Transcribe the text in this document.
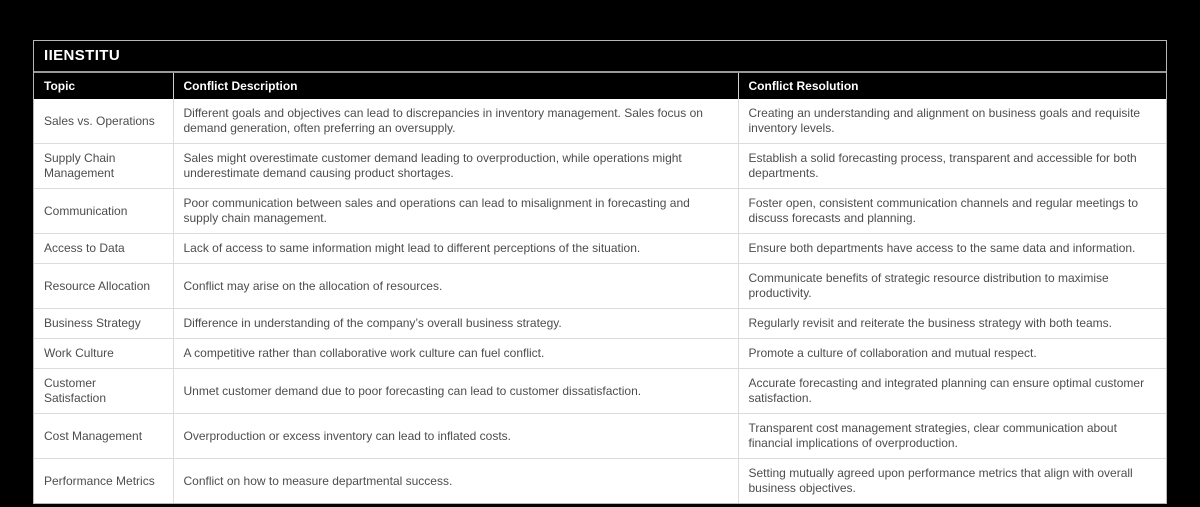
IIENSTITU
Topic	Conflict Description	Conflict Resolution
Sales vs. Operations	Different goals and objectives can lead to discrepancies in inventory management. Sales focus on demand generation, often preferring an oversupply.	Creating an understanding and alignment on business goals and requisite inventory levels.
Supply Chain Management	Sales might overestimate customer demand leading to overproduction, while operations might underestimate demand causing product shortages.	Establish a solid forecasting process, transparent and accessible for both departments.
Communication	Poor communication between sales and operations can lead to misalignment in forecasting and supply chain management.	Foster open, consistent communication channels and regular meetings to discuss forecasts and planning.
Access to Data	Lack of access to same information might lead to different perceptions of the situation.	Ensure both departments have access to the same data and information.
Resource Allocation	Conflict may arise on the allocation of resources.	Communicate benefits of strategic resource distribution to maximise productivity.
Business Strategy	Difference in understanding of the company’s overall business strategy.	Regularly revisit and reiterate the business strategy with both teams.
Work Culture	A competitive rather than collaborative work culture can fuel conflict.	Promote a culture of collaboration and mutual respect.
Customer Satisfaction	Unmet customer demand due to poor forecasting can lead to customer dissatisfaction.	Accurate forecasting and integrated planning can ensure optimal customer satisfaction.
Cost Management	Overproduction or excess inventory can lead to inflated costs.	Transparent cost management strategies, clear communication about financial implications of overproduction.
Performance Metrics	Conflict on how to measure departmental success.	Setting mutually agreed upon performance metrics that align with overall business objectives.
